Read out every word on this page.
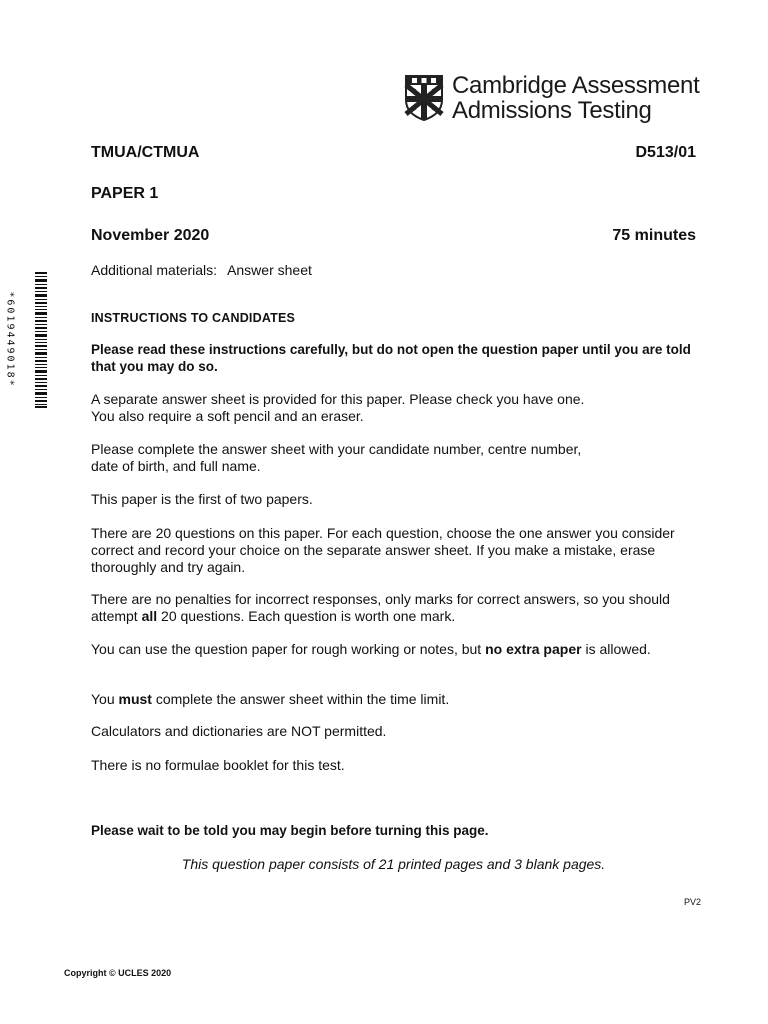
*6019449018*
Cambridge Assessment
Admissions Testing
TMUA/CTMUA	D513/01
PAPER 1
November 2020	75 minutes
Additional materials: Answer sheet
INSTRUCTIONS TO CANDIDATES
Please read these instructions carefully, but do not open the question paper until you are told that you may do so.
A separate answer sheet is provided for this paper. Please check you have one.
You also require a soft pencil and an eraser.
Please complete the answer sheet with your candidate number, centre number,
date of birth, and full name.
This paper is the first of two papers.
There are 20 questions on this paper. For each question, choose the one answer you consider correct and record your choice on the separate answer sheet. If you make a mistake, erase thoroughly and try again.
There are no penalties for incorrect responses, only marks for correct answers, so you should attempt all 20 questions. Each question is worth one mark.
You can use the question paper for rough working or notes, but no extra paper is allowed.
You must complete the answer sheet within the time limit.
Calculators and dictionaries are NOT permitted.
There is no formulae booklet for this test.
Please wait to be told you may begin before turning this page.
This question paper consists of 21 printed pages and 3 blank pages.
PV2
Copyright © UCLES 2020
